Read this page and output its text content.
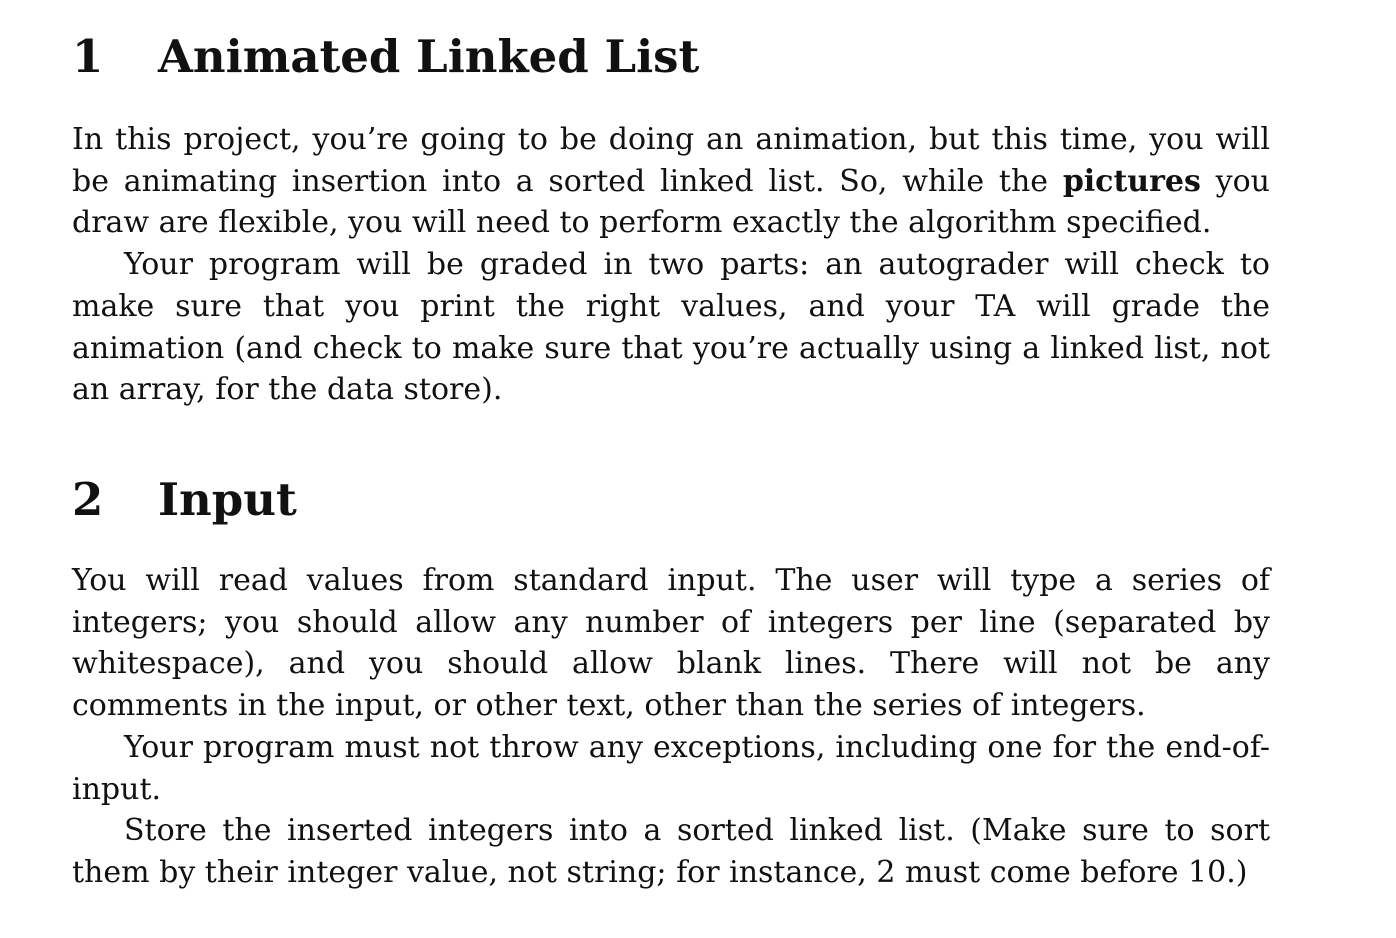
1 Animated Linked List

In this project, you’re going to be doing an animation, but this time, you will be animating insertion into a sorted linked list. So, while the pictures you draw are flexible, you will need to perform exactly the algorithm specified.

Your program will be graded in two parts: an autograder will check to make sure that you print the right values, and your TA will grade the animation (and check to make sure that you’re actually using a linked list, not an array, for the data store).

2 Input

You will read values from standard input. The user will type a series of integers; you should allow any number of integers per line (separated by whitespace), and you should allow blank lines. There will not be any comments in the input, or other text, other than the series of integers.

Your program must not throw any exceptions, including one for the end-of-input.

Store the inserted integers into a sorted linked list. (Make sure to sort them by their integer value, not string; for instance, 2 must come before 10.)
